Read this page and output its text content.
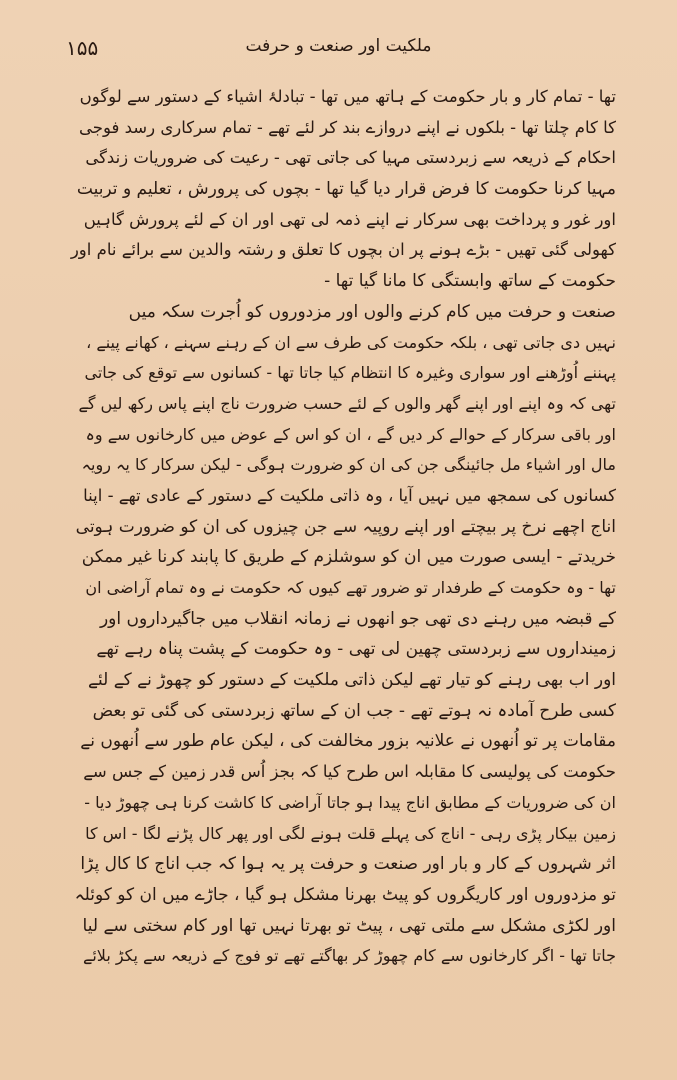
۱۵۵	ملکیت اور صنعت و حرفت
تھا - تمام کار و بار حکومت کے ہاتھ میں تھا - تبادلۂ اشیاء کے دستور سے لوگوں
کا کام چلتا تھا - بلکوں نے اپنے دروازے بند کر لئے تھے - تمام سرکاری رسد فوجی
احکام کے ذریعہ سے زبردستی مہیا کی جاتی تھی - رعیت کی ضروریات زندگی
مہیا کرنا حکومت کا فرض قرار دیا گیا تھا - بچوں کی پرورش ، تعلیم و تربیت
اور غور و پرداخت بھی سرکار نے اپنے ذمہ لی تھی اور ان کے لئے پرورش گاہیں
کھولی گئی تھیں - بڑے ہونے پر ان بچوں کا تعلق و رشتہ والدین سے برائے نام اور
حکومت کے ساتھ وابستگی کا مانا گیا تھا -
صنعت و حرفت میں کام کرنے والوں اور مزدوروں کو اُجرت سکہ میں
نہیں دی جاتی تھی ، بلکہ حکومت کی طرف سے ان کے رہنے سہنے ، کھانے پینے ،
پہننے اُوڑھنے اور سواری وغیرہ کا انتظام کیا جاتا تھا - کسانوں سے توقع کی جاتی
تھی کہ وہ اپنے اور اپنے گھر والوں کے لئے حسب ضرورت ناج اپنے پاس رکھ لیں گے
اور باقی سرکار کے حوالے کر دیں گے ، ان کو اس کے عوض میں کارخانوں سے وہ
مال اور اشیاء مل جائینگی جن کی ان کو ضرورت ہوگی - لیکن سرکار کا یہ رویہ
کسانوں کی سمجھ میں نہیں آیا ، وہ ذاتی ملکیت کے دستور کے عادی تھے - اپنا
اناج اچھے نرخ پر بیچتے اور اپنے روپیہ سے جن چیزوں کی ان کو ضرورت ہوتی
خریدتے - ایسی صورت میں ان کو سوشلزم کے طریق کا پابند کرنا غیر ممکن
تھا - وہ حکومت کے طرفدار تو ضرور تھے کیوں کہ حکومت نے وہ تمام آراضی ان
کے قبضہ میں رہنے دی تھی جو انھوں نے زمانہ انقلاب میں جاگیرداروں اور
زمینداروں سے زبردستی چھین لی تھی - وہ حکومت کے پشت پناہ رہے تھے
اور اب بھی رہنے کو تیار تھے لیکن ذاتی ملکیت کے دستور کو چھوڑ نے کے لئے
کسی طرح آمادہ نہ ہوتے تھے - جب ان کے ساتھ زبردستی کی گئی تو بعض
مقامات پر تو اُنھوں نے علانیہ بزور مخالفت کی ، لیکن عام طور سے اُنھوں نے
حکومت کی پولیسی کا مقابلہ اس طرح کیا کہ بجز اُس قدر زمین کے جس سے
ان کی ضروریات کے مطابق اناج پیدا ہو جاتا آراضی کا کاشت کرنا ہی چھوڑ دیا -
زمین بیکار پڑی رہی - اناج کی پہلے قلت ہونے لگی اور پھر کال پڑنے لگا - اس کا
اثر شہروں کے کار و بار اور صنعت و حرفت پر یہ ہوا کہ جب اناج کا کال پڑا
تو مزدوروں اور کاریگروں کو پیٹ بھرنا مشکل ہو گیا ، جاڑے میں ان کو کوئلہ
اور لکڑی مشکل سے ملتی تھی ، پیٹ تو بھرتا نہیں تھا اور کام سختی سے لیا
جاتا تھا - اگر کارخانوں سے کام چھوڑ کر بھاگتے تھے تو فوج کے ذریعہ سے پکڑ بلائے
